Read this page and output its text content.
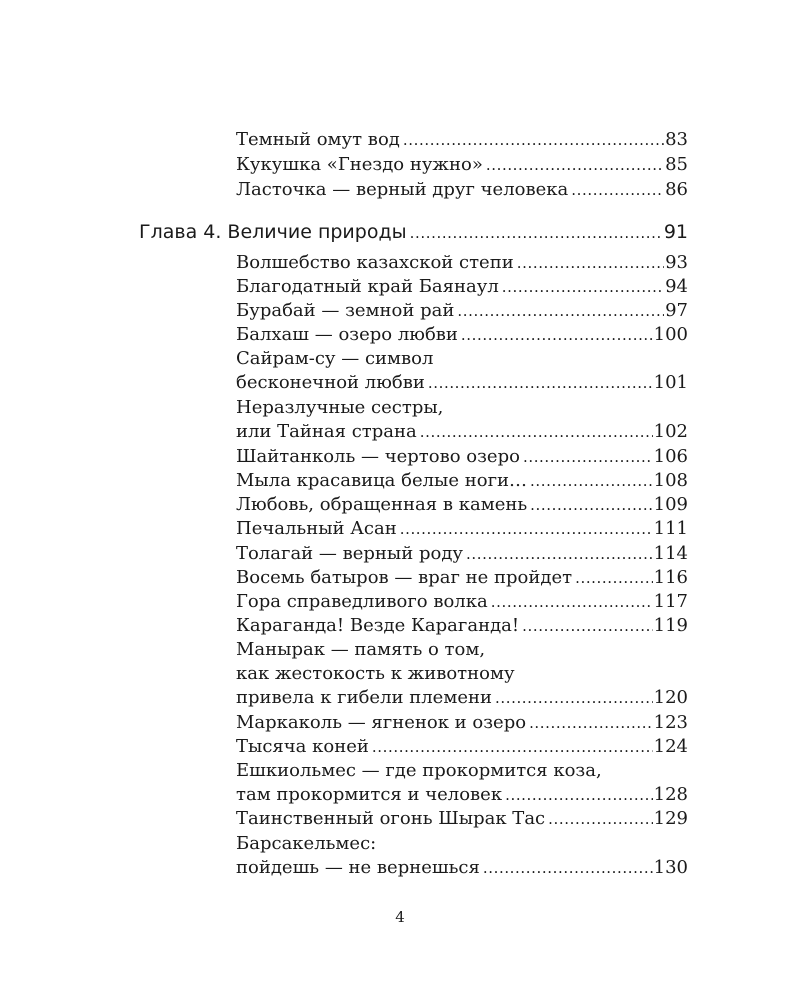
Темный омут вод .....	83
Кукушка «Гнездо нужно» .....	85
Ласточка — верный друг человека .....	86
Глава 4. Величие природы .....	91
Волшебство казахской степи .....	93
Благодатный край Баянаул .....	94
Бурабай — земной рай .....	97
Балхаш — озеро любви .....	100
Сайрам-су — символ
бесконечной любви .....	101
Неразлучные сестры,
или Тайная страна .....	102
Шайтанколь — чертово озеро .....	106
Мыла красавица белые ноги… .....	108
Любовь, обращенная в камень .....	109
Печальный Асан .....	111
Толагай — верный роду .....	114
Восемь батыров — враг не пройдет .....	116
Гора справедливого волка .....	117
Караганда! Везде Караганда! .....	119
Манырак — память о том,
как жестокость к животному
привела к гибели племени .....	120
Маркаколь — ягненок и озеро .....	123
Тысяча коней .....	124
Ешкиольмес — где прокормится коза,
там прокормится и человек .....	128
Таинственный огонь Шырак Тас .....	129
Барсакельмес:
пойдешь — не вернешься .....	130
4
